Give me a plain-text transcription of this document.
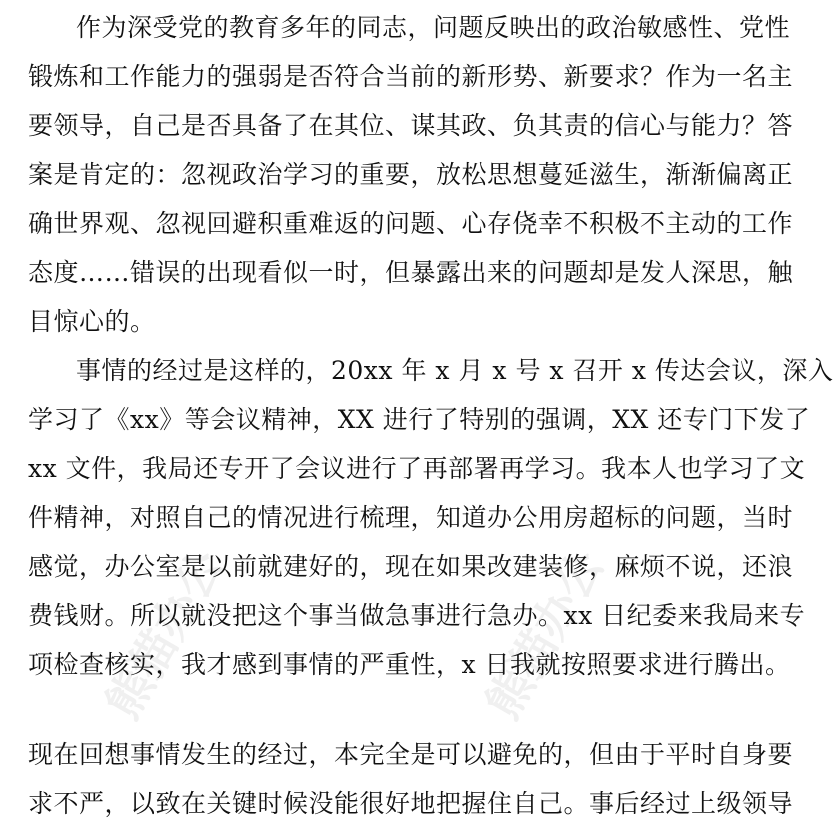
熊猫办公	熊猫办公
作为深受党的教育多年的同志，问题反映出的政治敏感性、党性
锻炼和工作能力的强弱是否符合当前的新形势、新要求？作为一名主
要领导，自己是否具备了在其位、谋其政、负其责的信心与能力？答
案是肯定的：忽视政治学习的重要，放松思想蔓延滋生，渐渐偏离正
确世界观、忽视回避积重难返的问题、心存侥幸不积极不主动的工作
态度……错误的出现看似一时，但暴露出来的问题却是发人深思，触
目惊心的。
事情的经过是这样的，20xx 年 x 月 x 号 x 召开 x 传达会议，深入
学习了《xx》等会议精神，XX 进行了特别的强调，XX 还专门下发了
xx 文件，我局还专开了会议进行了再部署再学习。我本人也学习了文
件精神，对照自己的情况进行梳理，知道办公用房超标的问题，当时
感觉，办公室是以前就建好的，现在如果改建装修，麻烦不说，还浪
费钱财。所以就没把这个事当做急事进行急办。xx 日纪委来我局来专
项检查核实，我才感到事情的严重性，x 日我就按照要求进行腾出。
现在回想事情发生的经过，本完全是可以避免的，但由于平时自身要
求不严，以致在关键时候没能很好地把握住自己。事后经过上级领导
